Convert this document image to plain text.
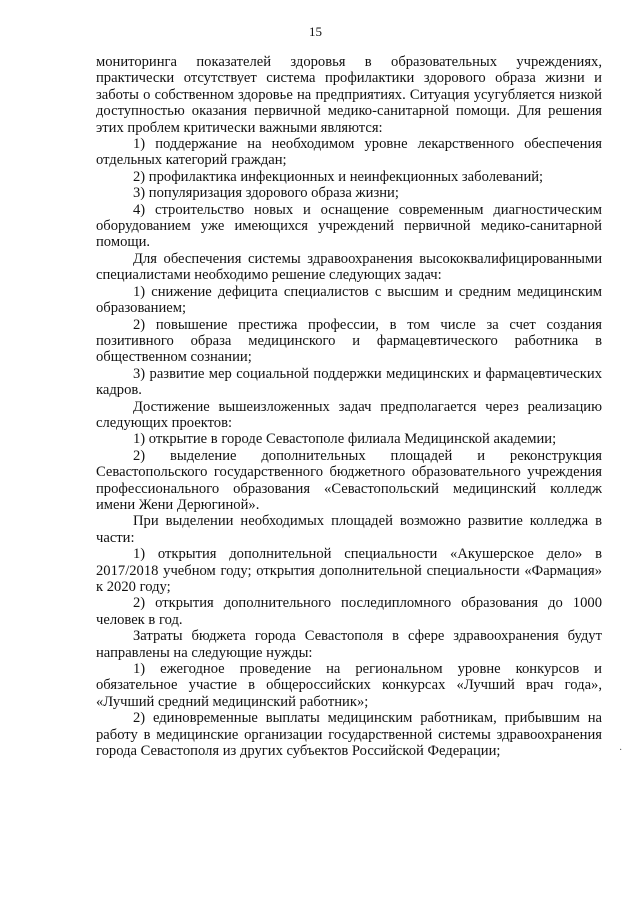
15

мониторинга показателей здоровья в образовательных учреждениях, практически отсутствует система профилактики здорового образа жизни и заботы о собственном здоровье на предприятиях. Ситуация усугубляется низкой доступностью оказания первичной медико-санитарной помощи. Для решения этих проблем критически важными являются:

1) поддержание на необходимом уровне лекарственного обеспечения отдельных категорий граждан;

2) профилактика инфекционных и неинфекционных заболеваний;

3) популяризация здорового образа жизни;

4) строительство новых и оснащение современным диагностическим оборудованием уже имеющихся учреждений первичной медико-санитарной помощи.

Для обеспечения системы здравоохранения высококвалифицированными специалистами необходимо решение следующих задач:

1) снижение дефицита специалистов с высшим и средним медицинским образованием;

2) повышение престижа профессии, в том числе за счет создания позитивного образа медицинского и фармацевтического работника в общественном сознании;

3) развитие мер социальной поддержки медицинских и фармацевтических кадров.

Достижение вышеизложенных задач предполагается через реализацию следующих проектов:

1) открытие в городе Севастополе филиала Медицинской академии;

2) выделение дополнительных площадей и реконструкция Севастопольского государственного бюджетного образовательного учреждения профессионального образования «Севастопольский медицинский колледж имени Жени Дерюгиной».

При выделении необходимых площадей возможно развитие колледжа в части:

1) открытия дополнительной специальности «Акушерское дело» в 2017/2018 учебном году; открытия дополнительной специальности «Фармация» к 2020 году;

2) открытия дополнительного последипломного образования до 1000 человек в год.

Затраты бюджета города Севастополя в сфере здравоохранения будут направлены на следующие нужды:

1) ежегодное проведение на региональном уровне конкурсов и обязательное участие в общероссийских конкурсах «Лучший врач года», «Лучший средний медицинский работник»;

2) единовременные выплаты медицинским работникам, прибывшим на работу в медицинские организации государственной системы здравоохранения города Севастополя из других субъектов Российской Федерации;	·
